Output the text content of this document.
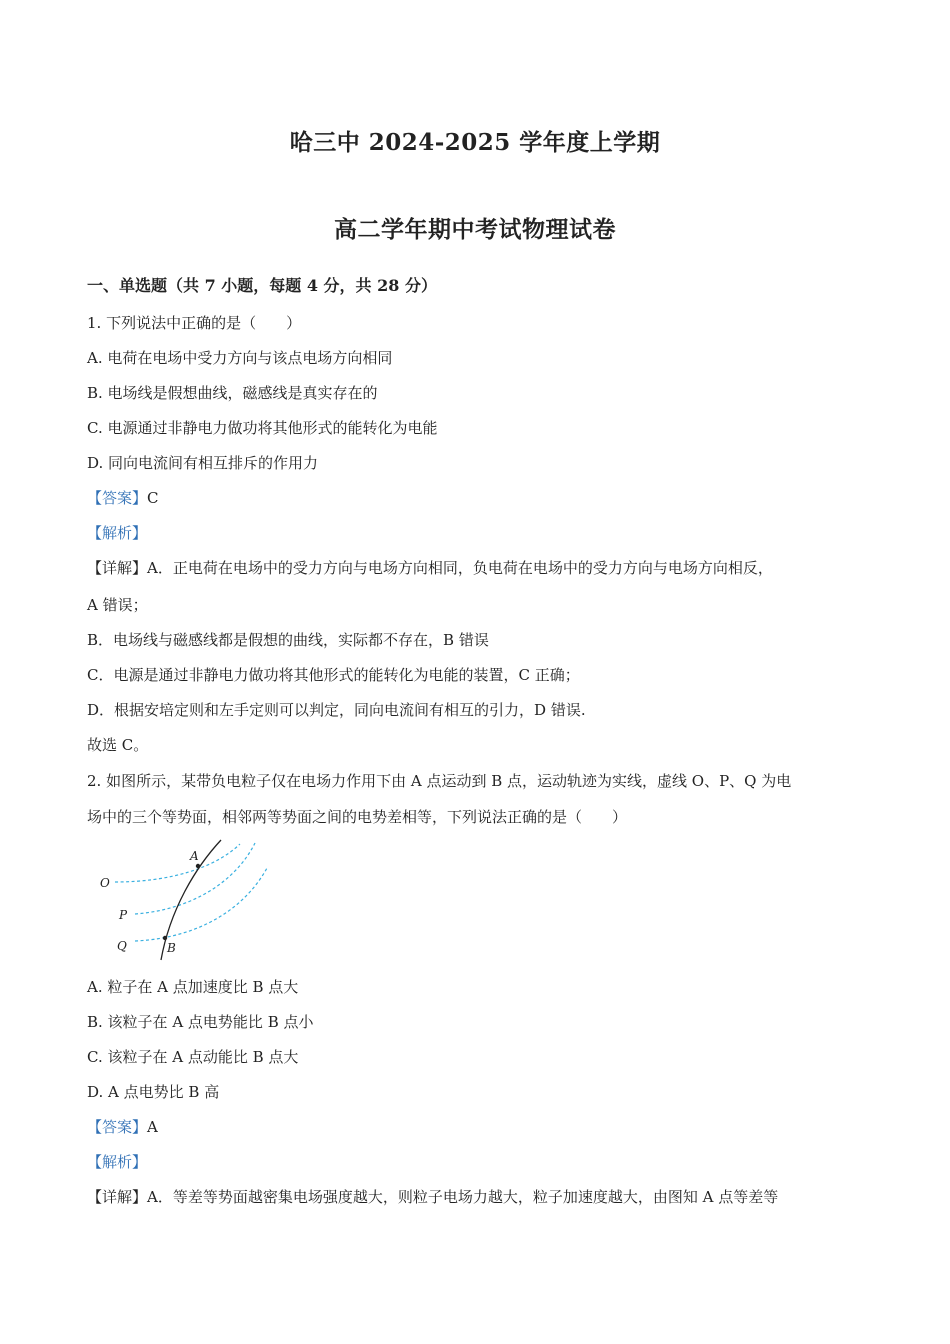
哈三中 2024-2025 学年度上学期
高二学年期中考试物理试卷
一、单选题（共 7 小题，每题 4 分，共 28 分）
1. 下列说法中正确的是（　　）
A. 电荷在电场中受力方向与该点电场方向相同
B. 电场线是假想曲线，磁感线是真实存在的
C. 电源通过非静电力做功将其他形式的能转化为电能
D. 同向电流间有相互排斥的作用力
【答案】C
【解析】
【详解】A．正电荷在电场中的受力方向与电场方向相同，负电荷在电场中的受力方向与电场方向相反，
A 错误；
B．电场线与磁感线都是假想的曲线，实际都不存在，B 错误
C．电源是通过非静电力做功将其他形式的能转化为电能的装置，C 正确；
D．根据安培定则和左手定则可以判定，同向电流间有相互的引力，D 错误.
故选 C。
2. 如图所示，某带负电粒子仅在电场力作用下由 A 点运动到 B 点，运动轨迹为实线，虚线 O、P、Q 为电
场中的三个等势面，相邻两等势面之间的电势差相等，下列说法正确的是（　　）
A
B
O
P
Q
A. 粒子在 A 点加速度比 B 点大
B. 该粒子在 A 点电势能比 B 点小
C. 该粒子在 A 点动能比 B 点大
D. A 点电势比 B 高
【答案】A
【解析】
【详解】A．等差等势面越密集电场强度越大，则粒子电场力越大，粒子加速度越大，由图知 A 点等差等
